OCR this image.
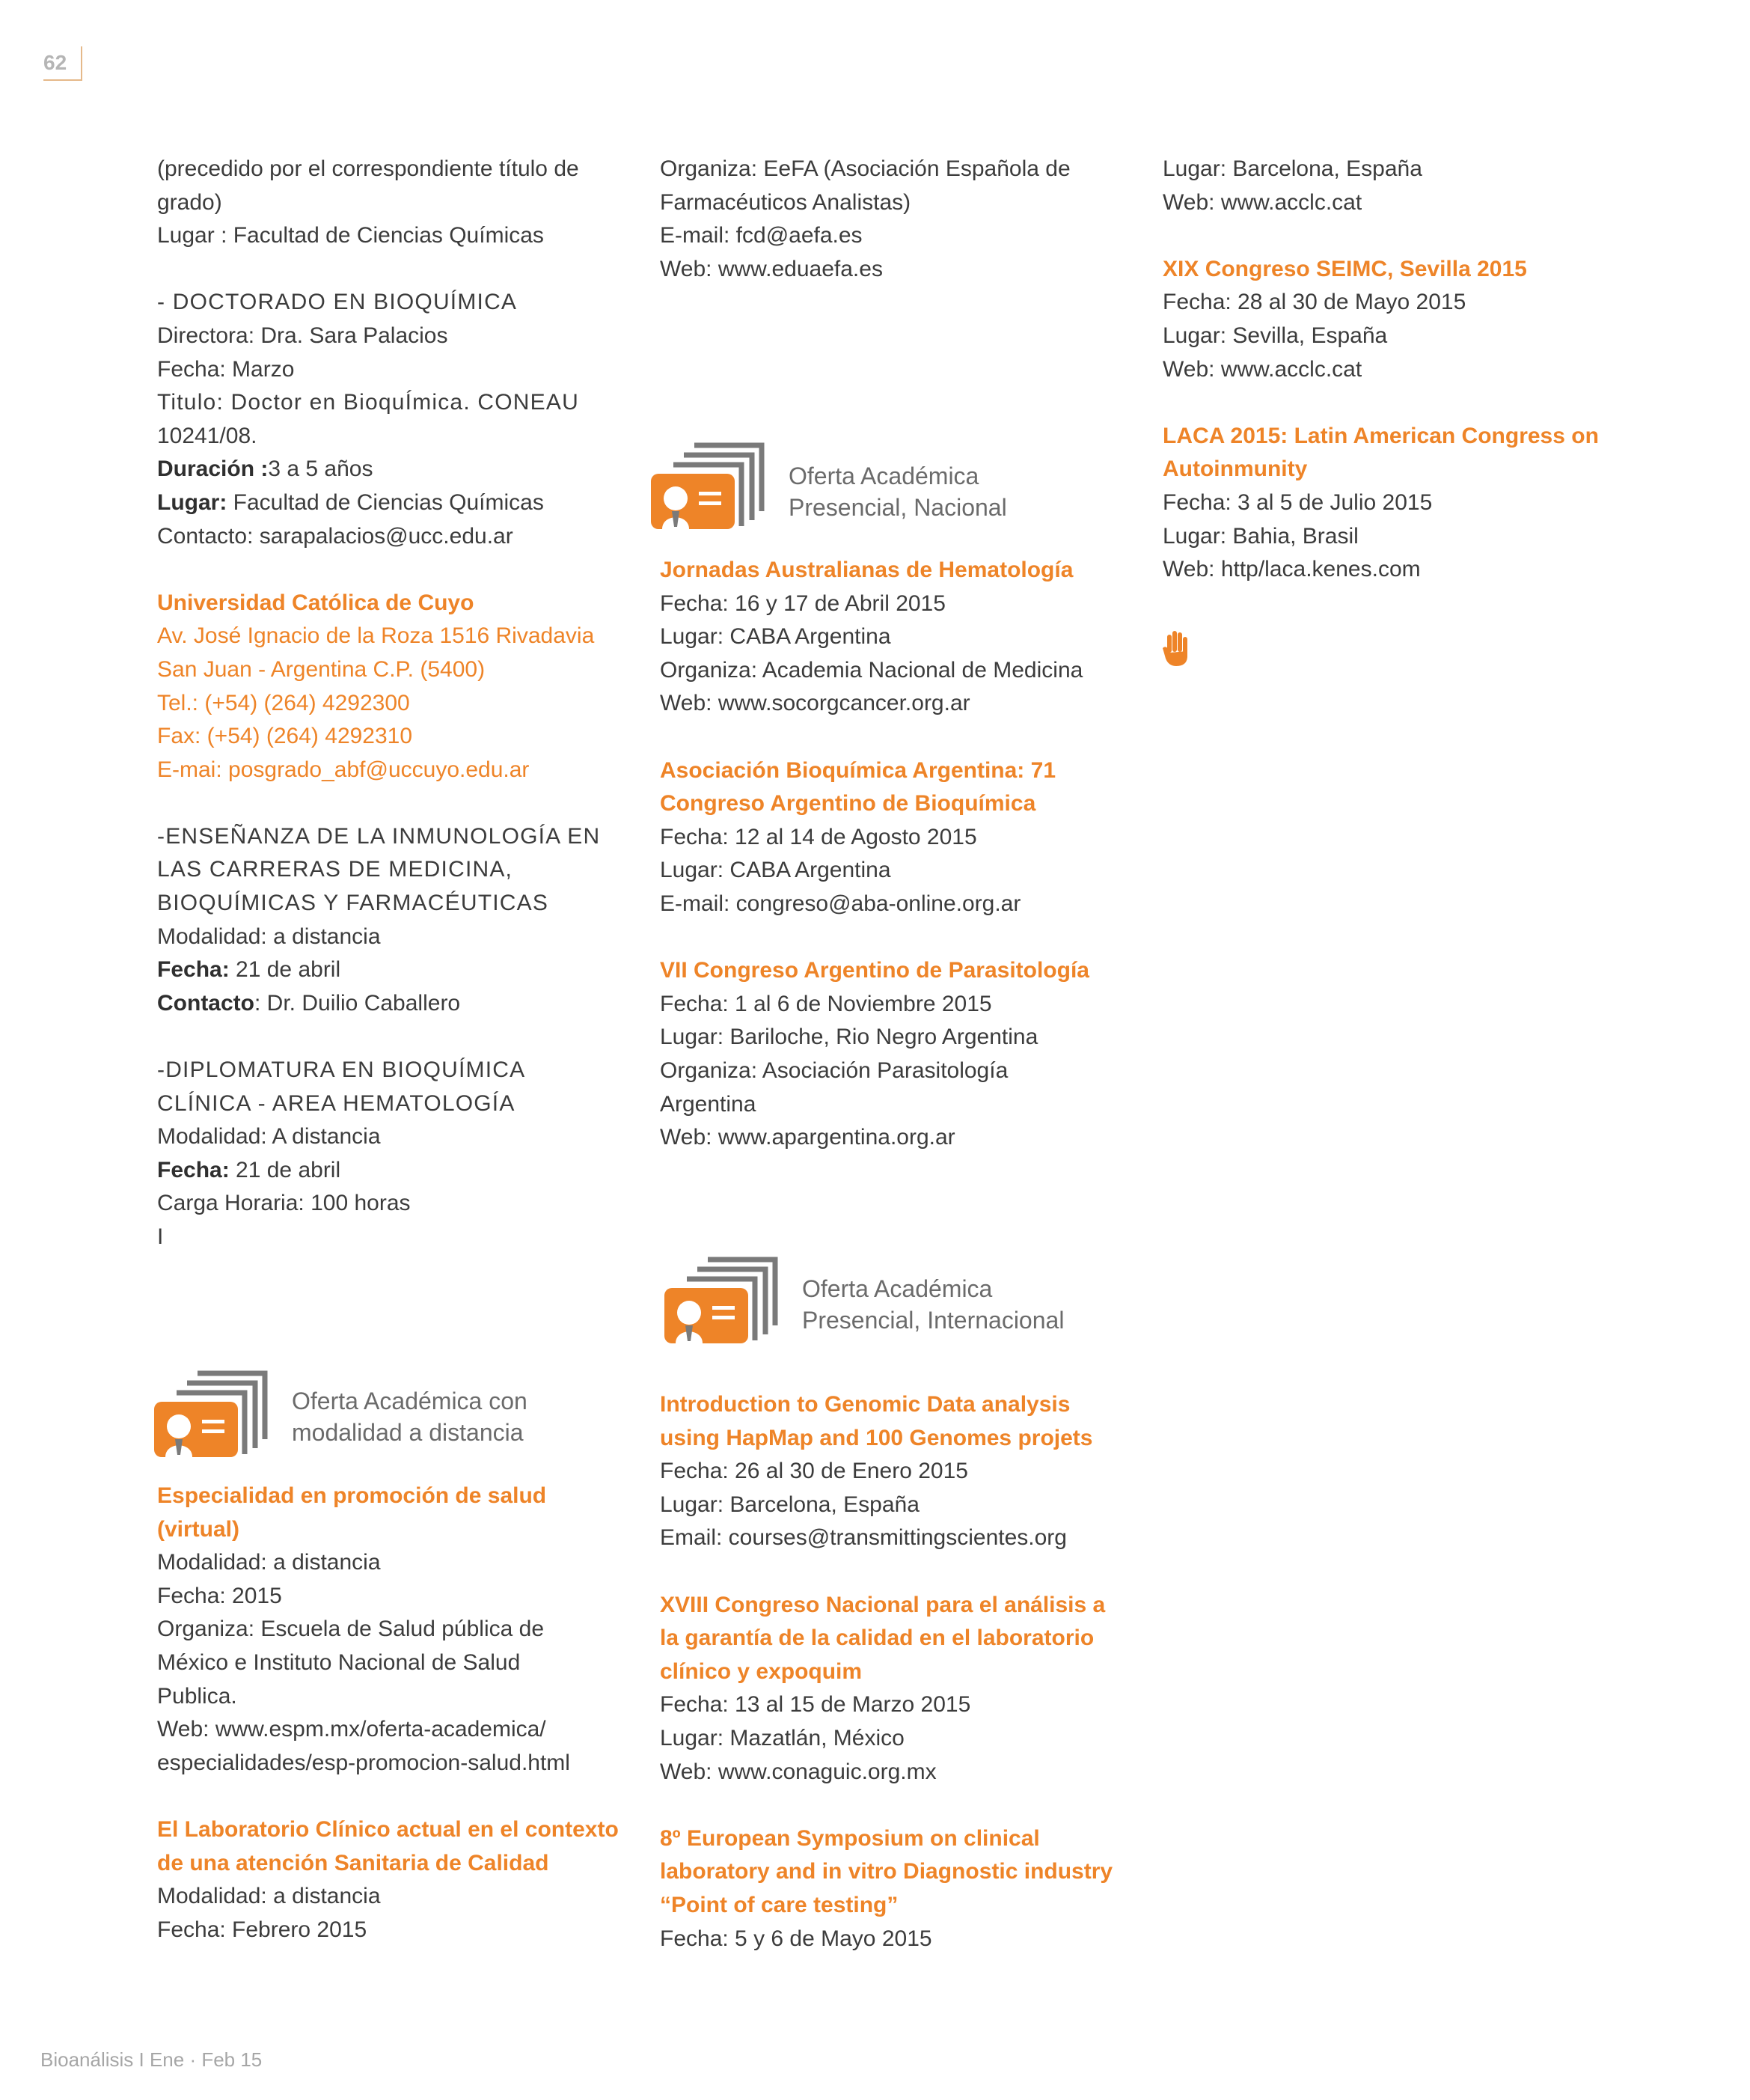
62

(precedido por el correspondiente título de

grado)

Lugar : Facultad de Ciencias Químicas

- DOCTORADO EN BIOQUÍMICA

Directora: Dra. Sara Palacios

Fecha: Marzo

Titulo: Doctor en BioquÍmica. CONEAU

10241/08.

Duración :3 a 5 años

Lugar: Facultad de Ciencias Químicas

Contacto: sarapalacios@ucc.edu.ar

Universidad Católica de Cuyo

Av. José Ignacio de la Roza 1516 Rivadavia

San Juan - Argentina C.P. (5400)

Tel.: (+54) (264) 4292300

Fax: (+54) (264) 4292310

E-mai: posgrado_abf@uccuyo.edu.ar

-ENSEÑANZA DE LA INMUNOLOGÍA EN

LAS CARRERAS DE MEDICINA,

BIOQUÍMICAS Y FARMACÉUTICAS

Modalidad: a distancia

Fecha: 21 de abril

Contacto: Dr. Duilio Caballero

-DIPLOMATURA EN BIOQUÍMICA

CLÍNICA - AREA HEMATOLOGÍA

Modalidad: A distancia

Fecha: 21 de abril

Carga Horaria: 100 horas

I

Oferta Académica con
modalidad a distancia

Especialidad en promoción de salud

(virtual)

Modalidad: a distancia

Fecha: 2015

Organiza: Escuela de Salud pública de

México e Instituto Nacional de Salud

Publica.

Web: www.espm.mx/oferta-academica/

especialidades/esp-promocion-salud.html

El Laboratorio Clínico actual en el contexto

de una atención Sanitaria de Calidad

Modalidad: a distancia

Fecha: Febrero 2015

Organiza: EeFA (Asociación Española de

Farmacéuticos Analistas)

E-mail: fcd@aefa.es

Web: www.eduaefa.es

Oferta Académica
Presencial, Nacional

Jornadas Australianas de Hematología

Fecha: 16 y 17 de Abril 2015

Lugar: CABA Argentina

Organiza: Academia Nacional de Medicina

Web: www.socorgcancer.org.ar

Asociación Bioquímica Argentina: 71

Congreso Argentino de Bioquímica

Fecha: 12 al 14 de Agosto 2015

Lugar: CABA Argentina

E-mail: congreso@aba-online.org.ar

VII Congreso Argentino de Parasitología

Fecha: 1 al 6 de Noviembre 2015

Lugar: Bariloche, Rio Negro Argentina

Organiza: Asociación Parasitología

Argentina

Web: www.apargentina.org.ar

Oferta Académica
Presencial, Internacional

Introduction to Genomic Data analysis

using HapMap and 100 Genomes projets

Fecha: 26 al 30 de Enero 2015

Lugar: Barcelona, España

Email: courses@transmittingscientes.org

XVIII Congreso Nacional para el análisis a

la garantía de la calidad en el laboratorio

clínico y expoquim

Fecha: 13 al 15 de Marzo 2015

Lugar: Mazatlán, México

Web: www.conaguic.org.mx

8º European Symposium on clinical

laboratory and in vitro Diagnostic industry

“Point of care testing”

Fecha: 5 y 6 de Mayo 2015

Lugar: Barcelona, España

Web: www.acclc.cat

XIX Congreso SEIMC, Sevilla 2015

Fecha: 28 al 30 de Mayo 2015

Lugar: Sevilla, España

Web: www.acclc.cat

LACA 2015: Latin American Congress on

Autoinmunity

Fecha: 3 al 5 de Julio 2015

Lugar: Bahia, Brasil

Web: http/laca.kenes.com

Bioanálisis I Ene · Feb 15
